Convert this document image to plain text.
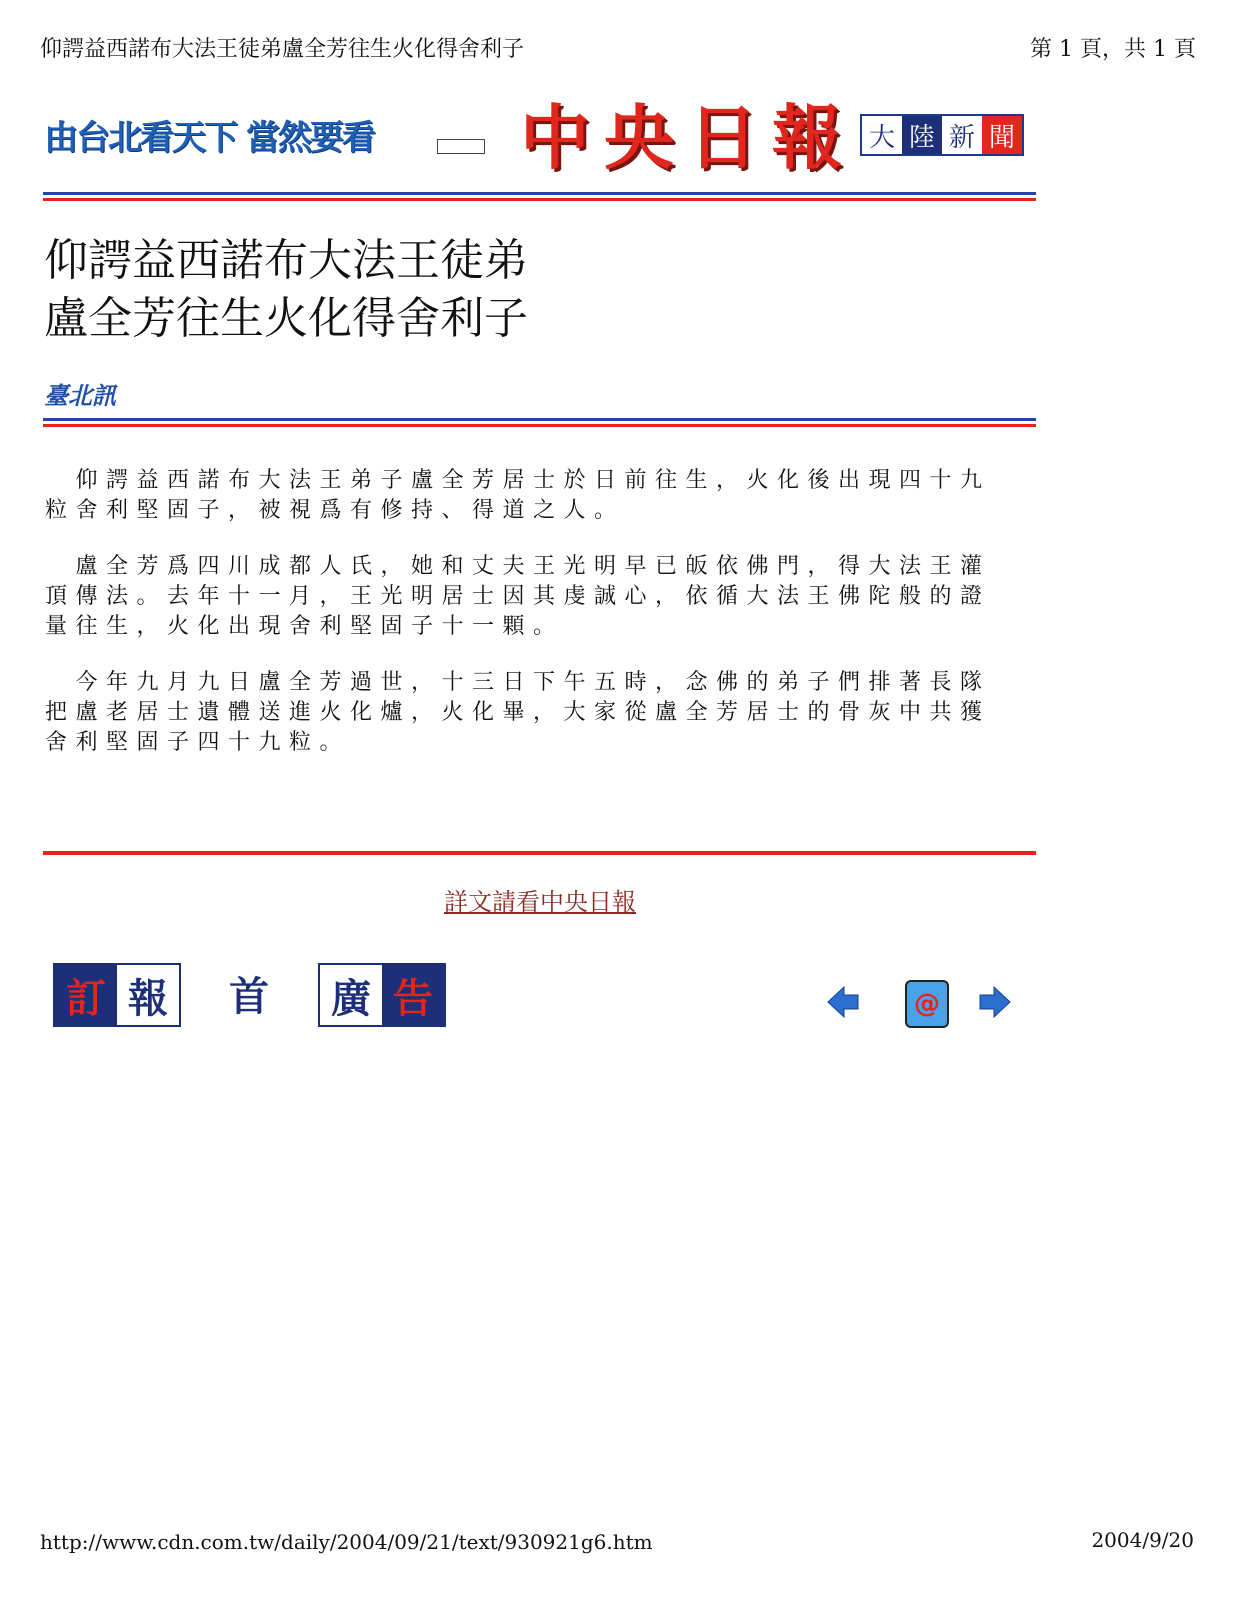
仰諤益西諾布大法王徒弟盧全芳往生火化得舍利子	第 1 頁，共 1 頁
由台北看天下 當然要看 中央日報 大 陸 新 聞
仰諤益西諾布大法王徒弟
盧全芳往生火化得舍利子
臺北訊

　仰諤益西諾布大法王弟子盧全芳居士於日前往生，火化後出現四十九
粒舍利堅固子，被視爲有修持、得道之人。

　盧全芳爲四川成都人氏，她和丈夫王光明早已皈依佛門，得大法王灌
頂傳法。去年十一月，王光明居士因其虔誠心，依循大法王佛陀般的證
量往生，火化出現舍利堅固子十一顆。

　今年九月九日盧全芳過世，十三日下午五時，念佛的弟子們排著長隊
把盧老居士遺體送進火化爐，火化畢，大家從盧全芳居士的骨灰中共獲
舍利堅固子四十九粒。

詳文請看中央日報
訂 報 首 廣 告	@
http://www.cdn.com.tw/daily/2004/09/21/text/930921g6.htm	2004/9/20
